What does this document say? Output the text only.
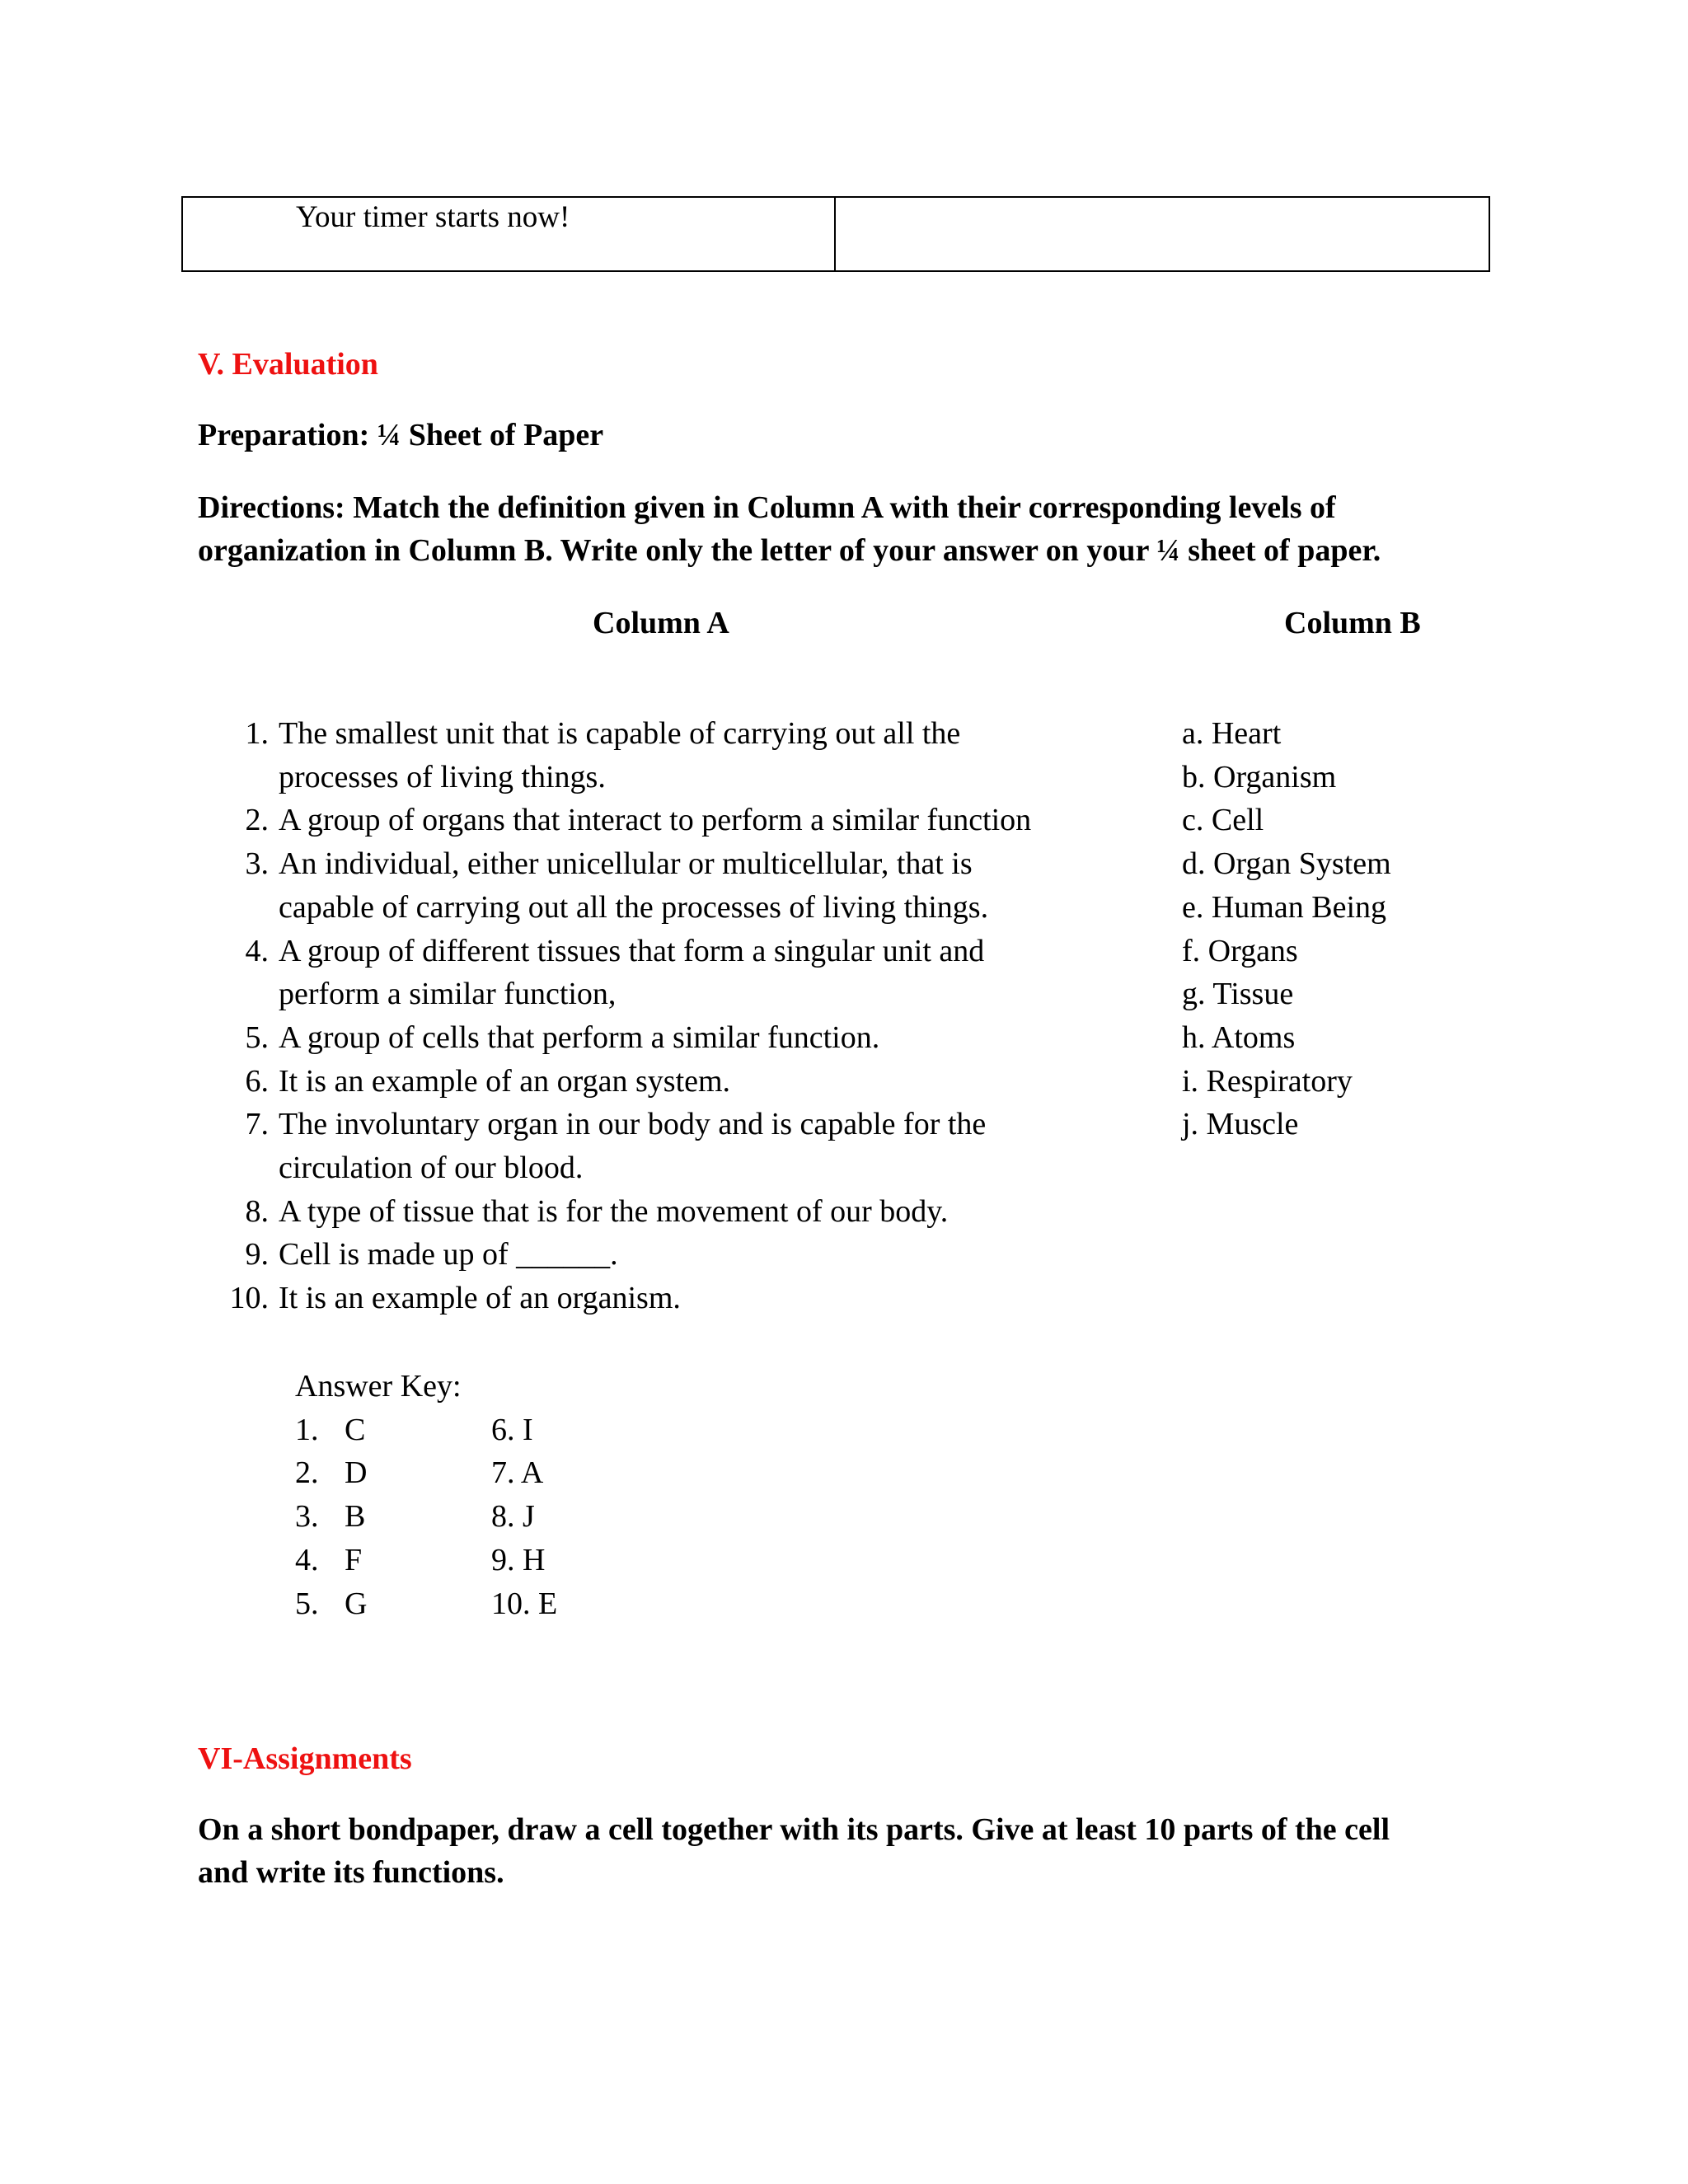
Your timer starts now!
V. Evaluation
Preparation: ¼ Sheet of Paper
Directions: Match the definition given in Column A with their corresponding levels of
organization in Column B. Write only the letter of your answer on your ¼ sheet of paper.
Column A	Column B
1. The smallest unit that is capable of carrying out all the
processes of living things.
2. A group of organs that interact to perform a similar function
3. An individual, either unicellular or multicellular, that is
capable of carrying out all the processes of living things.
4. A group of different tissues that form a singular unit and
perform a similar function,
5. A group of cells that perform a similar function.
6. It is an example of an organ system.
7. The involuntary organ in our body and is capable for the
circulation of our blood.
8. A type of tissue that is for the movement of our body.
9. Cell is made up of ______.
10. It is an example of an organism.
a. Heart
b. Organism
c. Cell
d. Organ System
e. Human Being
f. Organs
g. Tissue
h. Atoms
i. Respiratory
j. Muscle
Answer Key:
1. C	6. I
2. D	7. A
3. B	8. J
4. F	9. H
5. G	10. E
VI-Assignments
On a short bondpaper, draw a cell together with its parts. Give at least 10 parts of the cell
and write its functions.
